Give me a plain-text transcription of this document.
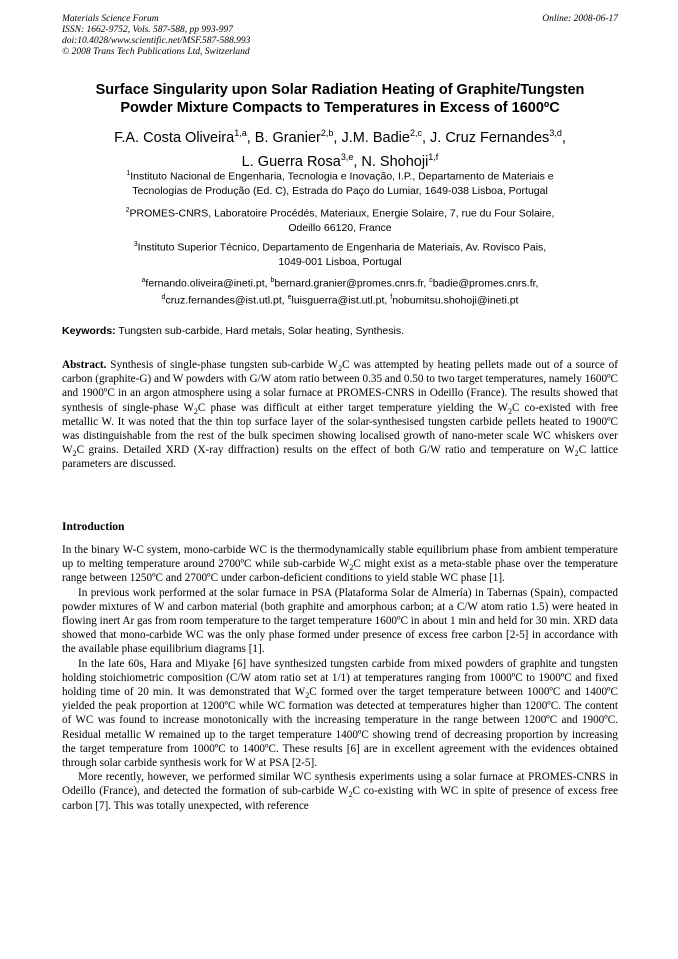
Materials Science Forum
ISSN: 1662-9752, Vols. 587-588, pp 993-997
doi:10.4028/www.scientific.net/MSF.587-588.993
© 2008 Trans Tech Publications Ltd, Switzerland
Online: 2008-06-17
Surface Singularity upon Solar Radiation Heating of Graphite/Tungsten
Powder Mixture Compacts to Temperatures in Excess of 1600ºC
F.A. Costa Oliveira$^{1,a}$, B. Granier$^{2,b}$, J.M. Badie$^{2,c}$, J. Cruz Fernandes$^{3,d}$,
L. Guerra Rosa$^{3,e}$, N. Shohoji$^{1,f}$
$^1$Instituto Nacional de Engenharia, Tecnologia e Inovação, I.P., Departamento de Materiais e
Tecnologias de Produção (Ed. C), Estrada do Paço do Lumiar, 1649-038 Lisboa, Portugal
$^2$PROMES-CNRS, Laboratoire Procédés, Materiaux, Energie Solaire, 7, rue du Four Solaire,
Odeillo 66120, France
$^3$Instituto Superior Técnico, Departamento de Engenharia de Materiais, Av. Rovisco Pais,
1049-001 Lisboa, Portugal
$^a$fernando.oliveira@ineti.pt, $^b$bernard.granier@promes.cnrs.fr, $^c$badie@promes.cnrs.fr,
$^d$cruz.fernandes@ist.utl.pt, $^e$luisguerra@ist.utl.pt, $^f$nobumitsu.shohoji@ineti.pt
Keywords: Tungsten sub-carbide, Hard metals, Solar heating, Synthesis.

Abstract. Synthesis of single-phase tungsten sub-carbide $W_2C$ was attempted by heating pellets made out of a source of carbon (graphite-G) and W powders with G/W atom ratio between 0.35 and 0.50 to two target temperatures, namely 1600ºC and 1900ºC in an argon atmosphere using a solar furnace at PROMES-CNRS in Odeillo (France). The results showed that synthesis of single-phase $W_2C$ phase was difficult at either target temperature yielding the $W_2C$ co-existed with free metallic W. It was noted that the thin top surface layer of the solar-synthesised tungsten carbide pellets heated to 1900ºC was distinguishable from the rest of the bulk specimen showing localised growth of nano-meter scale WC whiskers over $W_2C$ grains. Detailed XRD (X-ray diffraction) results on the effect of both G/W ratio and temperature on $W_2C$ lattice parameters are discussed.

Introduction

In the binary W-C system, mono-carbide WC is the thermodynamically stable equilibrium phase from ambient temperature up to melting temperature around 2700ºC while sub-carbide $W_2C$ might exist as a meta-stable phase over the temperature range between 1250ºC and 2700ºC under carbon-deficient conditions to yield stable WC phase [1].

In previous work performed at the solar furnace in PSA (Plataforma Solar de Almería) in Tabernas (Spain), compacted powder mixtures of W and carbon material (both graphite and amorphous carbon; at a C/W atom ratio 1.5) were heated in flowing inert Ar gas from room temperature to the target temperature 1600ºC in about 1 min and held for 30 min. XRD data showed that mono-carbide WC was the only phase formed under presence of excess free carbon [2-5] in accordance with the available phase equilibrium diagrams [1].

In the late 60s, Hara and Miyake [6] have synthesized tungsten carbide from mixed powders of graphite and tungsten holding stoichiometric composition (C/W atom ratio set at 1/1) at temperatures ranging from 1000ºC to 1900ºC and fixed holding time of 20 min. It was demonstrated that $W_2C$ formed over the target temperature between 1000ºC and 1400ºC yielded the peak proportion at 1200ºC while WC formation was detected at temperatures higher than 1200ºC. The content of WC was found to increase monotonically with the increasing temperature in the range between 1200ºC and 1900ºC. Residual metallic W remained up to the target temperature 1400ºC showing trend of decreasing proportion by increasing the target temperature from 1000ºC to 1400ºC. These results [6] are in excellent agreement with the evidences obtained through solar carbide synthesis work for W at PSA [2-5].

More recently, however, we performed similar WC synthesis experiments using a solar furnace at PROMES-CNRS in Odeillo (France), and detected the formation of sub-carbide $W_2C$ co-existing with WC in spite of presence of excess free carbon [7]. This was totally unexpected, with reference
